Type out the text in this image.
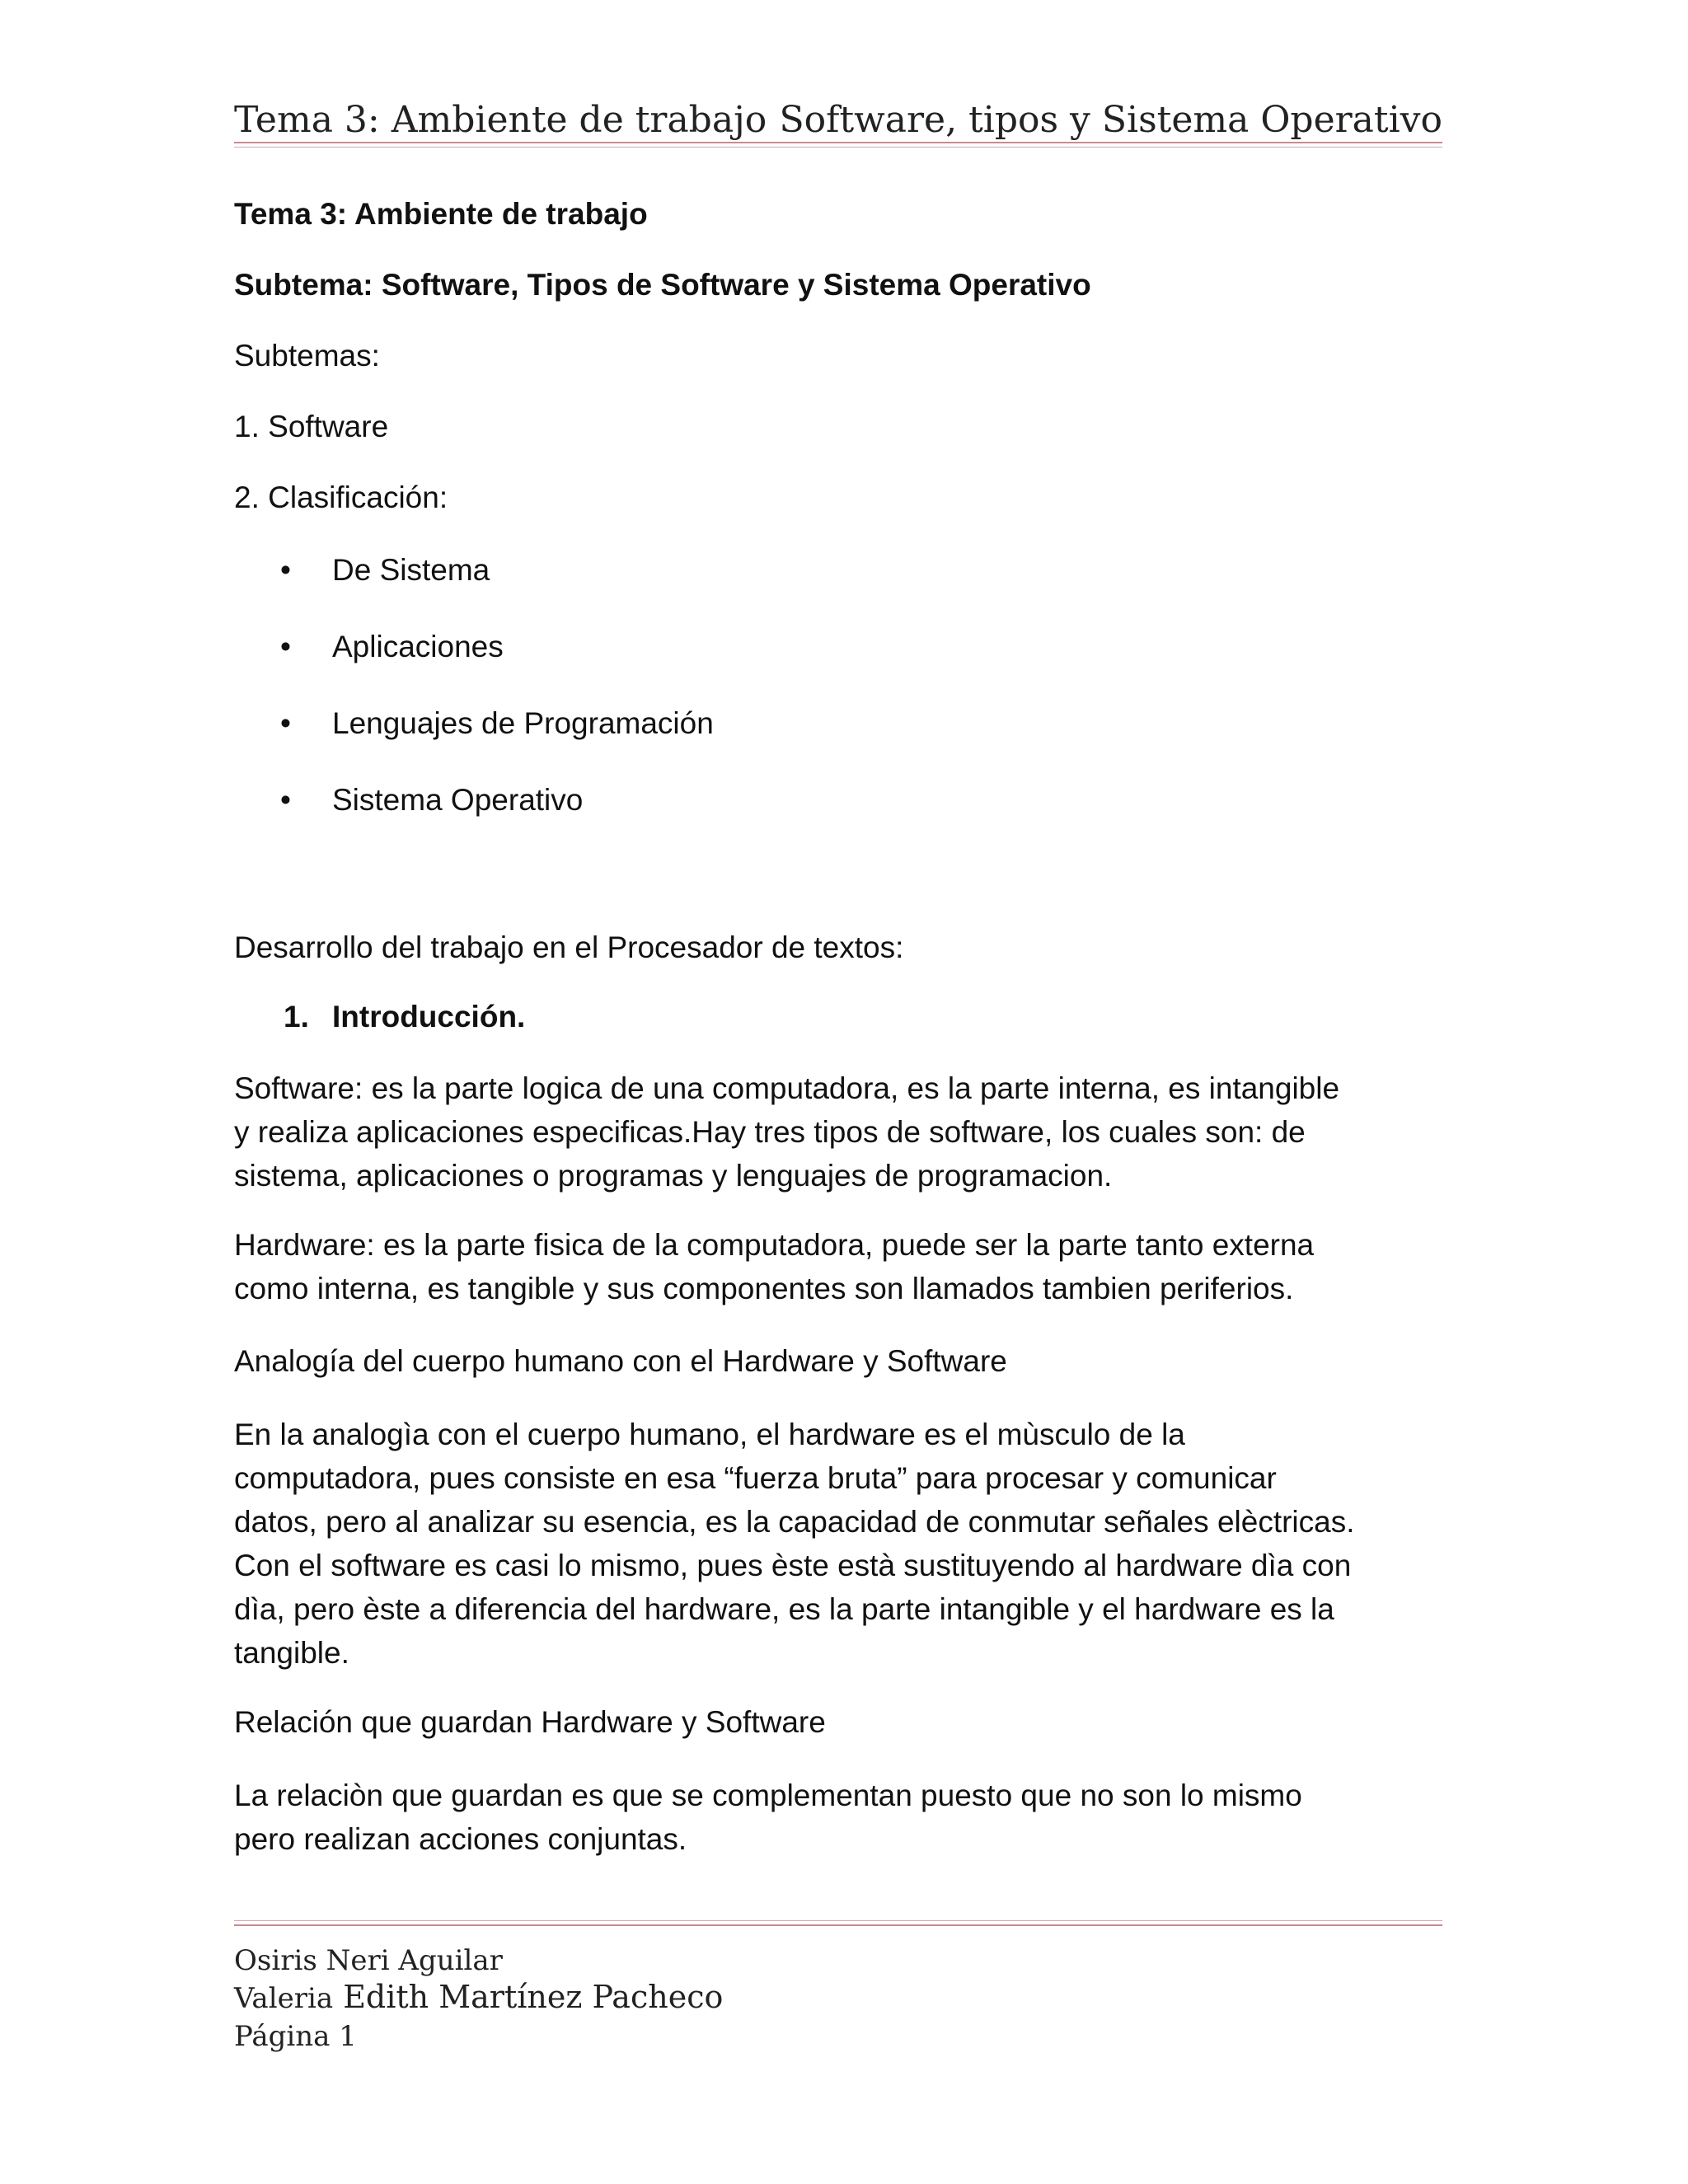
Tema 3: Ambiente de trabajo Software, tipos y Sistema Operativo
Tema 3: Ambiente de trabajo
Subtema: Software, Tipos de Software y Sistema Operativo
Subtemas:
1. Software
2. Clasificación:
• De Sistema
• Aplicaciones
• Lenguajes de Programación
• Sistema Operativo
Desarrollo del trabajo en el Procesador de textos:
1. Introducción.
Software: es la parte logica de una computadora, es la parte interna, es intangible
y realiza aplicaciones especificas.Hay tres tipos de software, los cuales son: de
sistema, aplicaciones o programas y lenguajes de programacion.
Hardware: es la parte fisica de la computadora, puede ser la parte tanto externa
como interna, es tangible y sus componentes son llamados tambien periferios.
Analogía del cuerpo humano con el Hardware y Software
En la analogìa con el cuerpo humano, el hardware es el mùsculo de la
computadora, pues consiste en esa “fuerza bruta” para procesar y comunicar
datos, pero al analizar su esencia, es la capacidad de conmutar señales elèctricas.
Con el software es casi lo mismo, pues èste està sustituyendo al hardware dìa con
dìa, pero èste a diferencia del hardware, es la parte intangible y el hardware es la
tangible.
Relación que guardan Hardware y Software
La relaciòn que guardan es que se complementan puesto que no son lo mismo
pero realizan acciones conjuntas.
Osiris Neri Aguilar
Valeria Edith Martínez Pacheco
Página 1
